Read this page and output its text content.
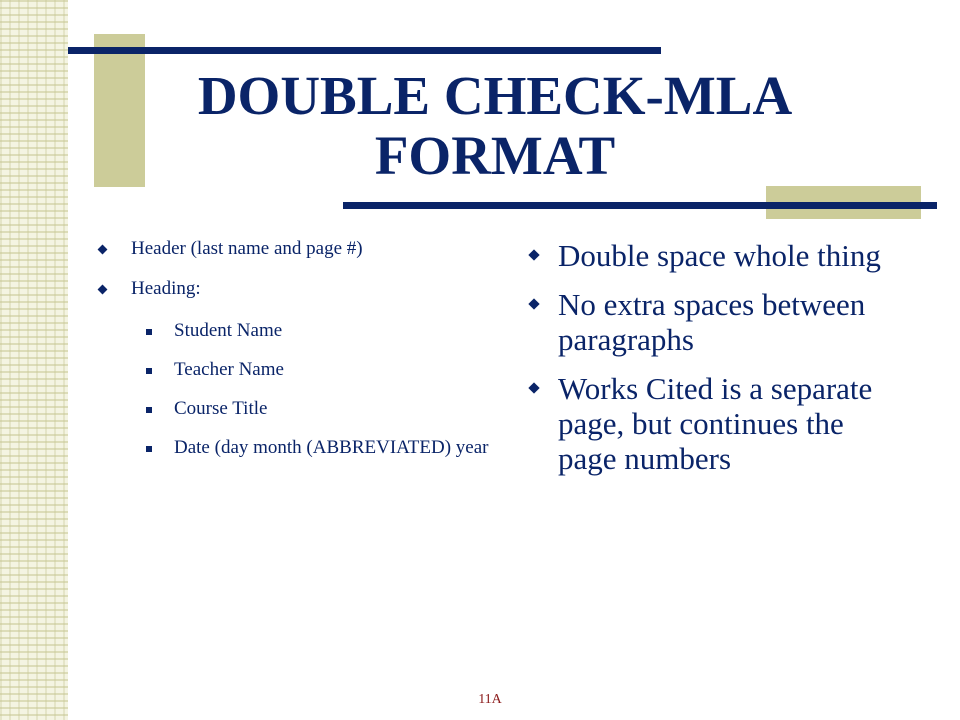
DOUBLE CHECK-MLA FORMAT
Header (last name and page #)
Heading:
Student Name
Teacher Name
Course Title
Date (day month (ABBREVIATED) year
Double space whole thing
No extra spaces between paragraphs
Works Cited is a separate page, but continues the page numbers
11A
